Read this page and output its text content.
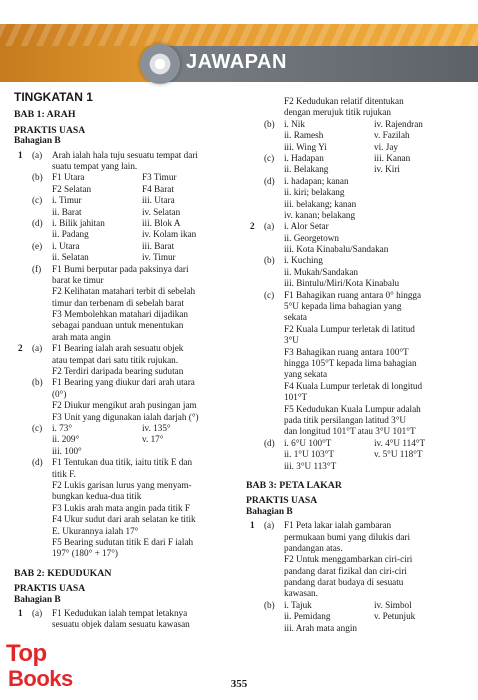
JAWAPAN
TINGKATAN 1
BAB 1: ARAH
PRAKTIS UASA
Bahagian B
1 (a) Arah ialah hala tuju sesuatu tempat dari
suatu tempat yang lain.
(b) F1 Utara	F3 Timur
F2 Selatan	F4 Barat
(c) i. Timur	iii. Utara
ii. Barat	iv. Selatan
(d) i. Bilik jahitan	iii. Blok A
ii. Padang	iv. Kolam ikan
(e) i. Utara	iii. Barat
ii. Selatan	iv. Timur
(f) F1 Bumi berputar pada paksinya dari
barat ke timur
F2 Kelihatan matahari terbit di sebelah
timur dan terbenam di sebelah barat
F3 Membolehkan matahari dijadikan
sebagai panduan untuk menentukan
arah mata angin
2 (a) F1 Bearing ialah arah sesuatu objek
atau tempat dari satu titik rujukan.
F2 Terdiri daripada bearing sudutan
(b) F1 Bearing yang diukur dari arah utara
(0°)
F2 Diukur mengikut arah pusingan jam
F3 Unit yang digunakan ialah darjah (°)
(c) i. 73°	iv. 135°
ii. 209°	v. 17°
iii. 100°
(d) F1 Tentukan dua titik, iaitu titik E dan
titik F.
F2 Lukis garisan lurus yang menyam-
bungkan kedua-dua titik
F3 Lukis arah mata angin pada titik F
F4 Ukur sudut dari arah selatan ke titik
E. Ukurannya ialah 17°
F5 Bearing sudutan titik E dari F ialah
197° (180° + 17°)
BAB 2: KEDUDUKAN
PRAKTIS UASA
Bahagian B
1 (a) F1 Kedudukan ialah tempat letaknya
sesuatu objek dalam sesuatu kawasan
F2 Kedudukan relatif ditentukan
dengan merujuk titik rujukan
(b) i. Nik	iv. Rajendran
ii. Ramesh	v. Fazilah
iii. Wing Yi	vi. Jay
(c) i. Hadapan	iii. Kanan
ii. Belakang	iv. Kiri
(d) i. hadapan; kanan
ii. kiri; belakang
iii. belakang; kanan
iv. kanan; belakang
2 (a) i. Alor Setar
ii. Georgetown
iii. Kota Kinabalu/Sandakan
(b) i. Kuching
ii. Mukah/Sandakan
iii. Bintulu/Miri/Kota Kinabalu
(c) F1 Bahagikan ruang antara 0° hingga
5°U kepada lima bahagian yang
sekata
F2 Kuala Lumpur terletak di latitud
3°U
F3 Bahagikan ruang antara 100°T
hingga 105°T kepada lima bahagian
yang sekata
F4 Kuala Lumpur terletak di longitud
101°T
F5 Kedudukan Kuala Lumpur adalah
pada titik persilangan latitud 3°U
dan longitud 101°T atau 3°U 101°T
(d) i. 6°U 100°T	iv. 4°U 114°T
ii. 1°U 103°T	v. 5°U 118°T
iii. 3°U 113°T
BAB 3: PETA LAKAR
PRAKTIS UASA
Bahagian B
1 (a) F1 Peta lakar ialah gambaran
permukaan bumi yang dilukis dari
pandangan atas.
F2 Untuk menggambarkan ciri-ciri
pandang darat fizikal dan ciri-ciri
pandang darat budaya di sesuatu
kawasan.
(b) i. Tajuk	iv. Simbol
ii. Pemidang	v. Petunjuk
iii. Arah mata angin
Top
Books	355
